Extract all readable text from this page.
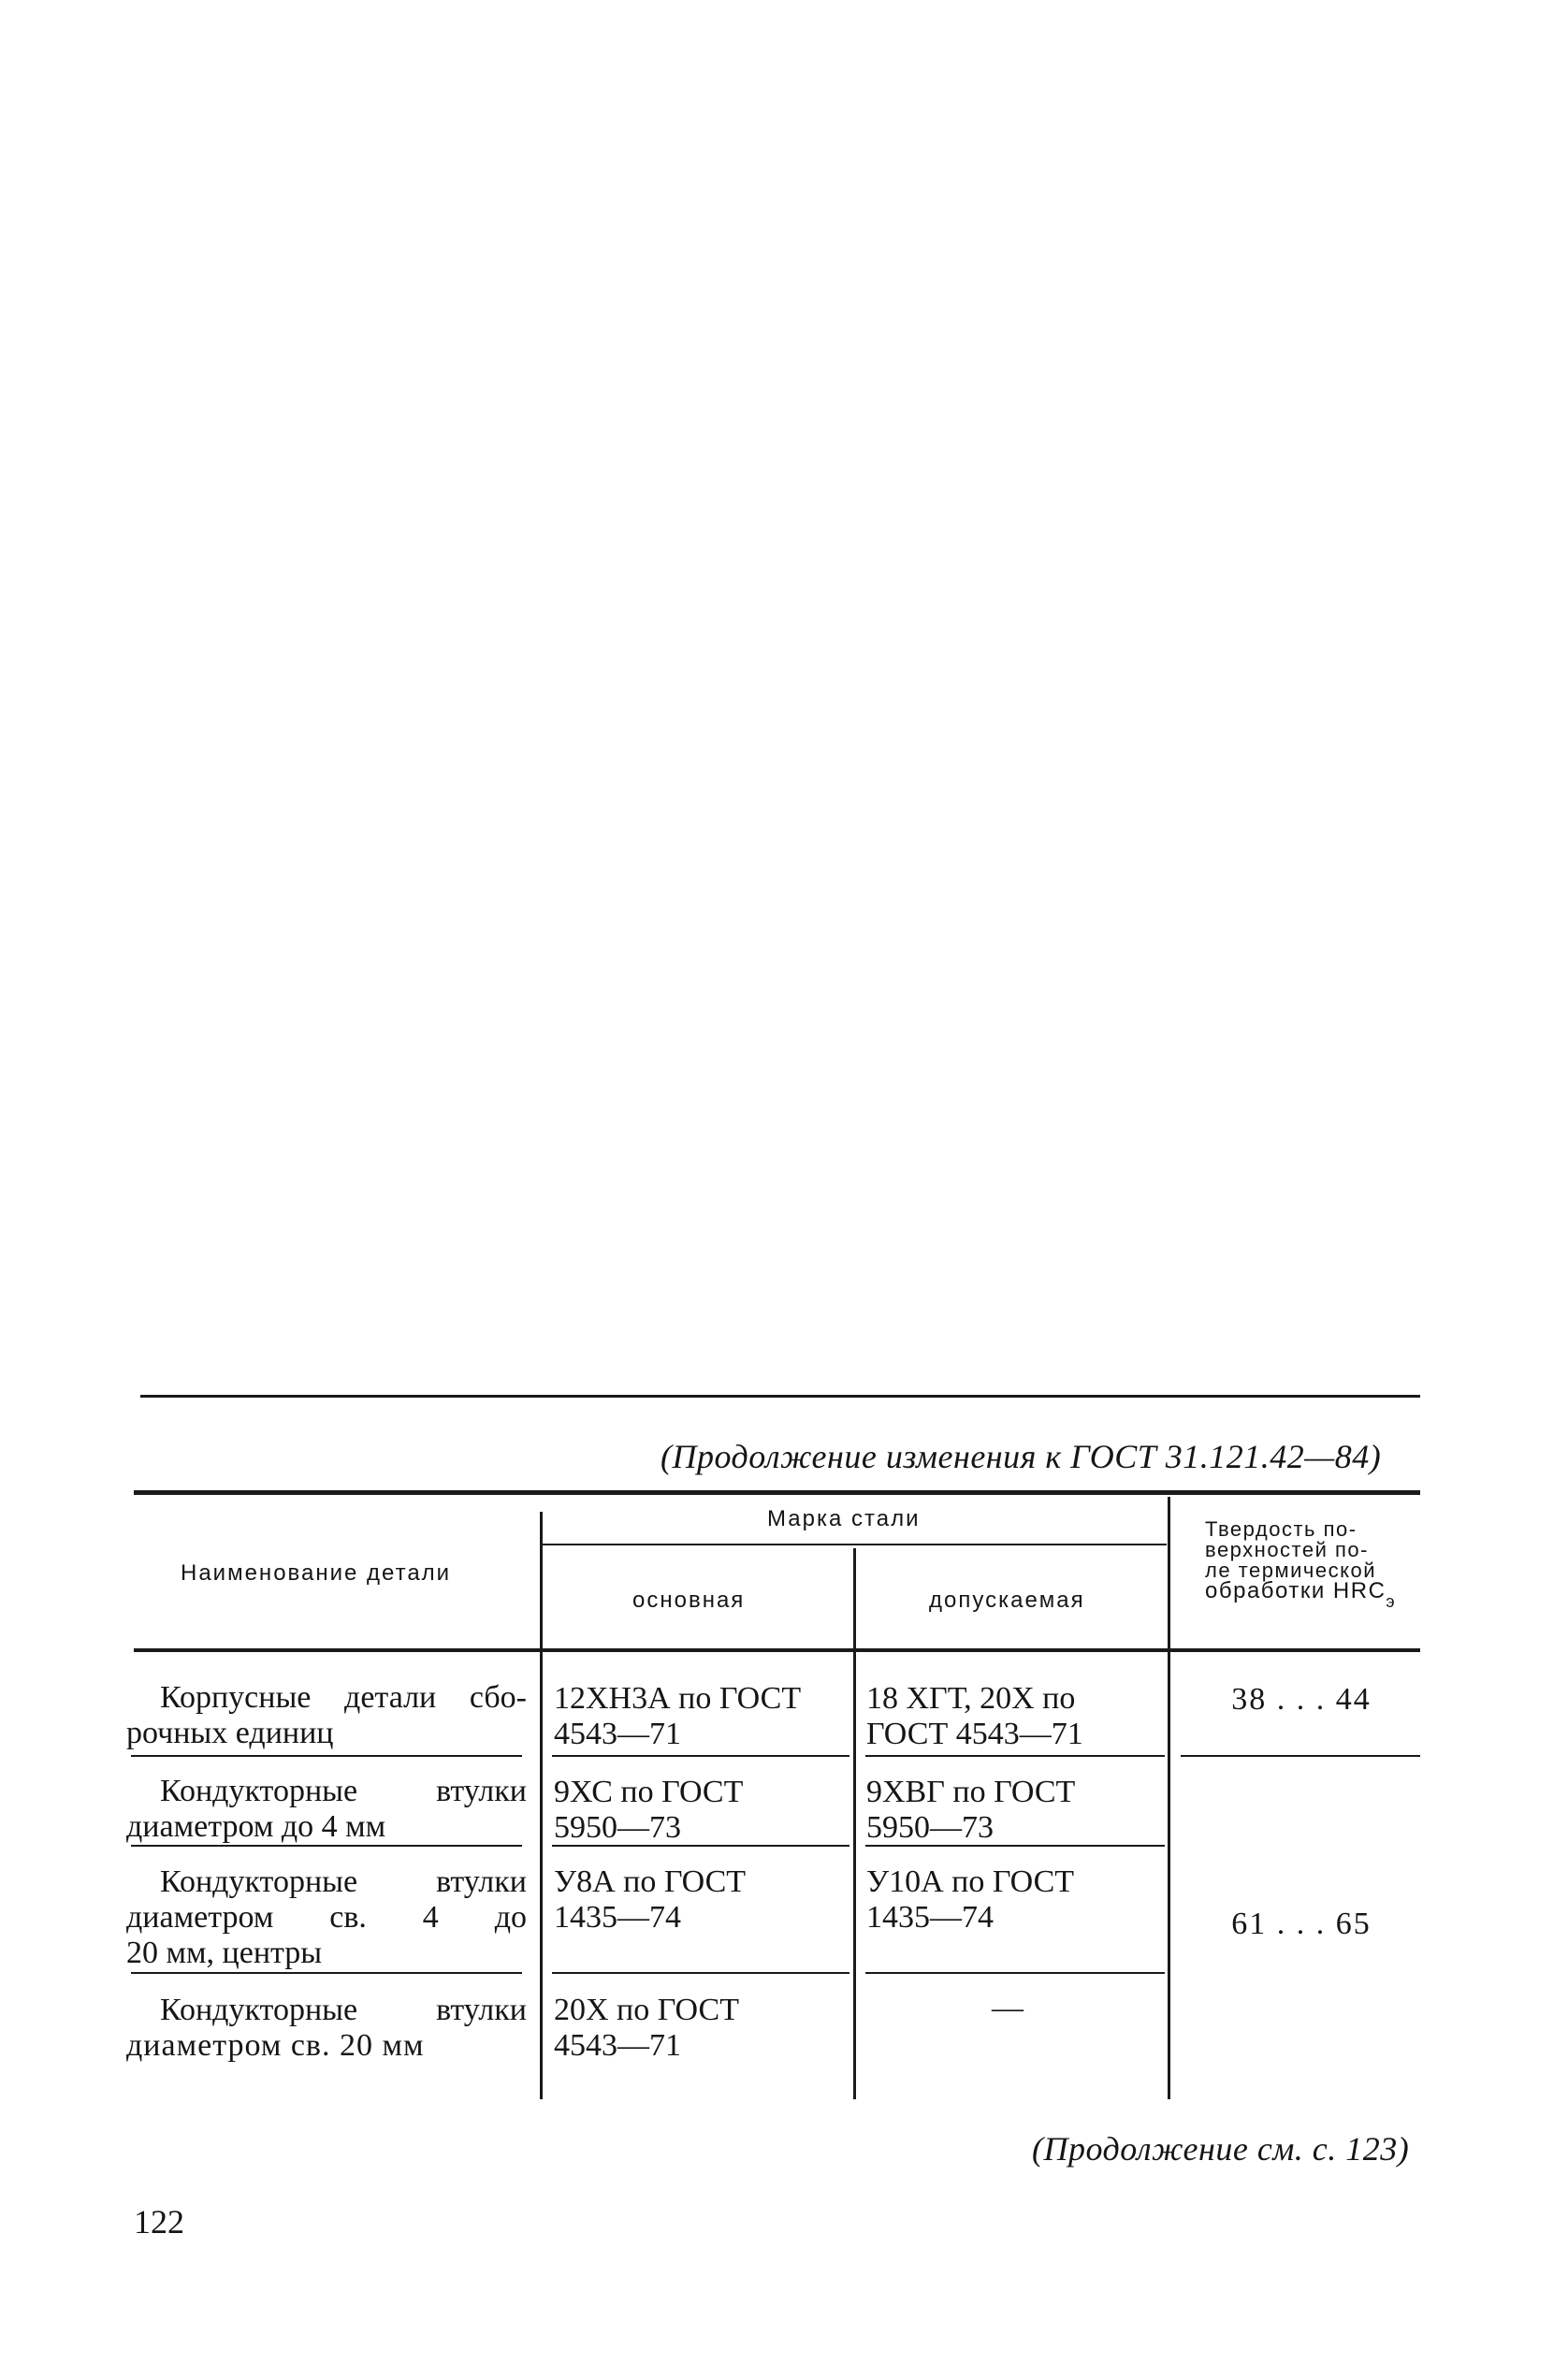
(Продолжение изменения к ГОСТ 31.121.42—84)
Наименование детали
Марка стали
основная	допускаемая
Твердость по-
верхностей по-
ле термической
обработки $HRC_э$
Корпусные детали сбо-
рочных единиц
12ХН3А по ГОСТ
4543—71
18 ХГТ, 20Х по
ГОСТ 4543—71
38 . . . 44
Кондукторные втулки
диаметром до 4 мм
9ХС по ГОСТ
5950—73
9ХВГ по ГОСТ
5950—73
Кондукторные втулки
диаметром св. 4 до
20 мм, центры
У8А по ГОСТ
1435—74
У10А по ГОСТ
1435—74	61 . . . 65
Кондукторные втулки
диаметром св. 20 мм
20Х по ГОСТ
4543—71
—
(Продолжение см. с. 123)
122
